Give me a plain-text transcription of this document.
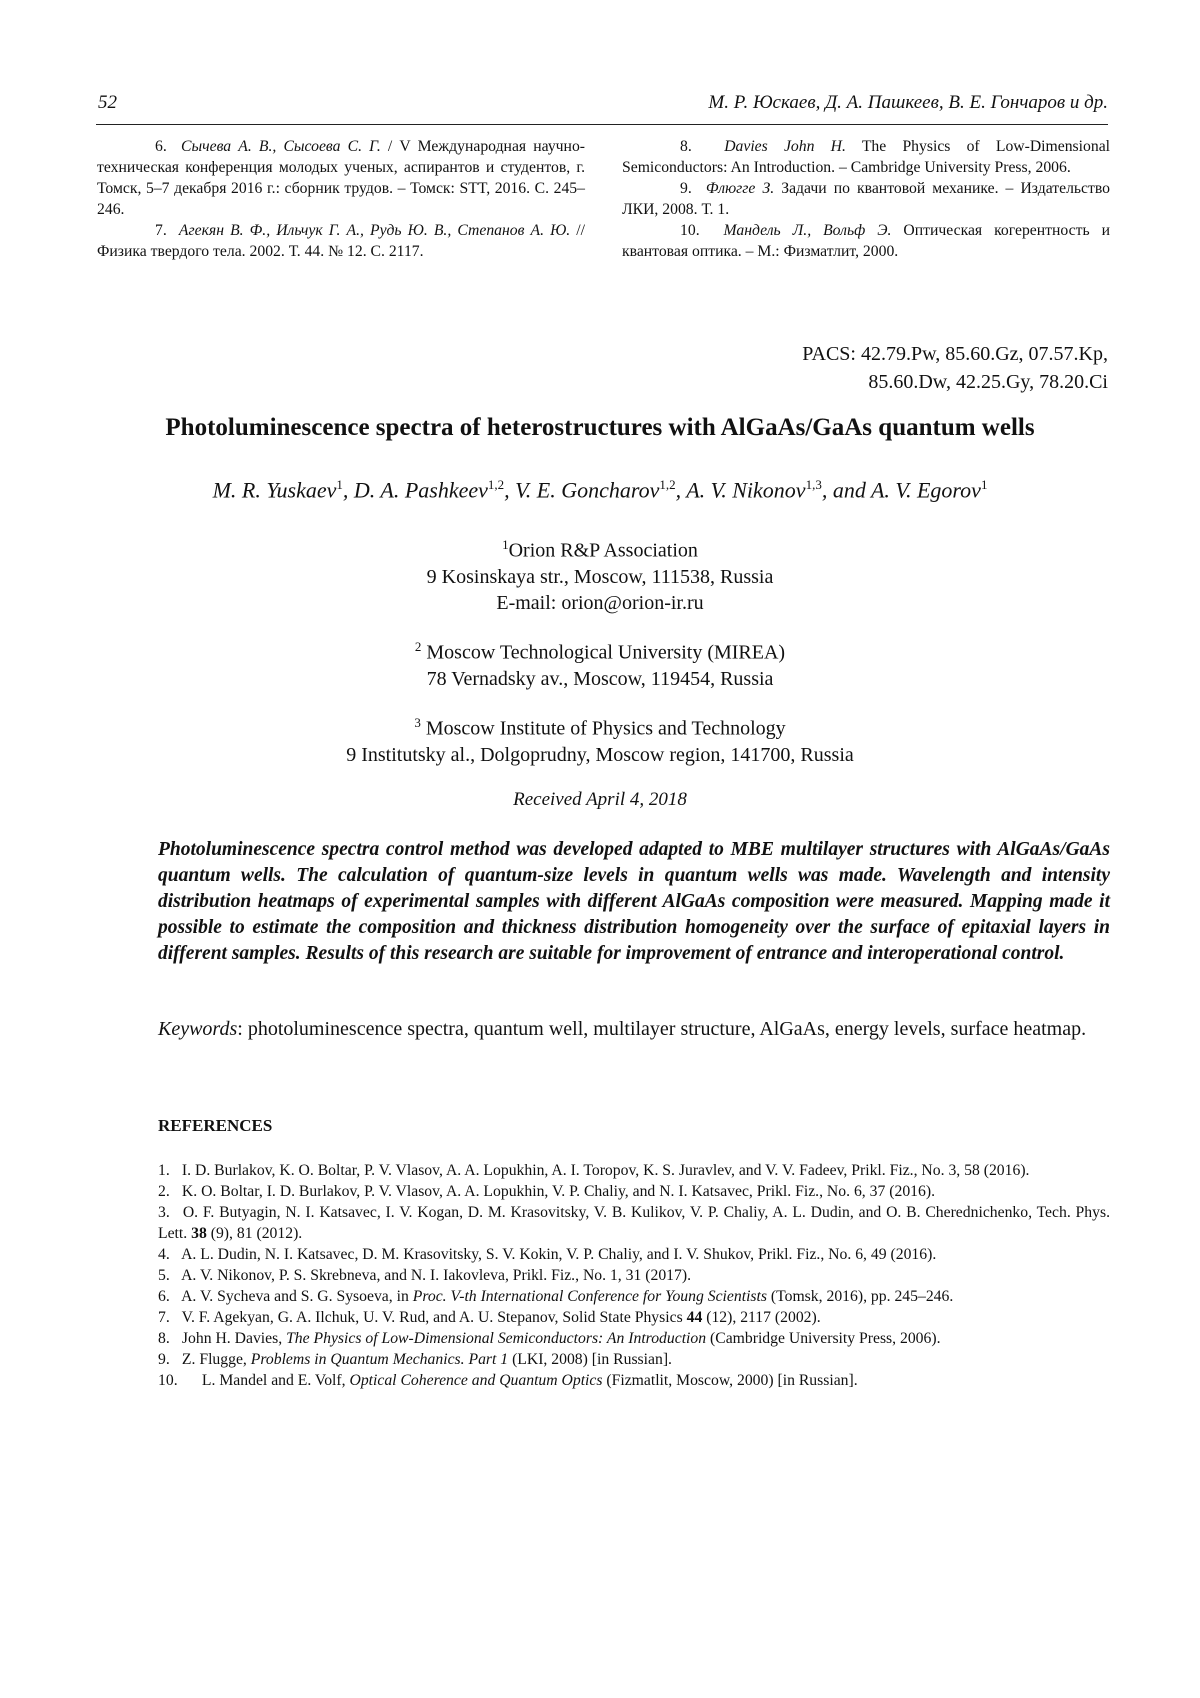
52	М. Р. Юскаев, Д. А. Пашкеев, В. Е. Гончаров и др.

6. Сычева А. В., Сысоева С. Г. / V Международная научно-техническая конференция молодых ученых, аспирантов и студентов, г. Томск, 5–7 декабря 2016 г.: сборник трудов. – Томск: STT, 2016. С. 245–246.

7. Агекян В. Ф., Ильчук Г. А., Рудь Ю. В., Степанов А. Ю. // Физика твердого тела. 2002. Т. 44. № 12. С. 2117.

8. Davies John H. The Physics of Low-Dimensional Semiconductors: An Introduction. – Cambridge University Press, 2006.

9. Флюгге З. Задачи по квантовой механике. – Издательство ЛКИ, 2008. Т. 1.

10. Мандель Л., Вольф Э. Оптическая когерентность и квантовая оптика. – М.: Физматлит, 2000.

PACS: 42.79.Pw, 85.60.Gz, 07.57.Kp,
85.60.Dw, 42.25.Gy, 78.20.Ci
Photoluminescence spectra of heterostructures with AlGaAs/GaAs quantum wells
M. R. Yuskaev$^1$, D. A. Pashkeev$^{1,2}$, V. E. Goncharov$^{1,2}$, A. V. Nikonov$^{1,3}$, and A. V. Egorov$^1$
$^1$Orion R&P Association
9 Kosinskaya str., Moscow, 111538, Russia
E-mail: orion@orion-ir.ru
$^2$ Moscow Technological University (MIREA)
78 Vernadsky av., Moscow, 119454, Russia
$^3$ Moscow Institute of Physics and Technology
9 Institutsky al., Dolgoprudny, Moscow region, 141700, Russia
Received April 4, 2018
Photoluminescence spectra control method was developed adapted to MBE multilayer structures with AlGaAs/GaAs quantum wells. The calculation of quantum-size levels in quantum wells was made. Wavelength and intensity distribution heatmaps of experimental samples with different AlGaAs composition were measured. Mapping made it possible to estimate the composition and thickness distribution homogeneity over the surface of epitaxial layers in different samples. Results of this research are suitable for improvement of entrance and interoperational control.
Keywords: photoluminescence spectra, quantum well, multilayer structure, AlGaAs, energy levels, surface heatmap.
REFERENCES
1. I. D. Burlakov, K. O. Boltar, P. V. Vlasov, A. A. Lopukhin, A. I. Toropov, K. S. Juravlev, and V. V. Fadeev, Prikl. Fiz., No. 3, 58 (2016).
2. K. O. Boltar, I. D. Burlakov, P. V. Vlasov, A. A. Lopukhin, V. P. Chaliy, and N. I. Katsavec, Prikl. Fiz., No. 6, 37 (2016).
3. O. F. Butyagin, N. I. Katsavec, I. V. Kogan, D. M. Krasovitsky, V. B. Kulikov, V. P. Chaliy, A. L. Dudin, and O. B. Cherednichenko, Tech. Phys. Lett. 38 (9), 81 (2012).
4. A. L. Dudin, N. I. Katsavec, D. M. Krasovitsky, S. V. Kokin, V. P. Chaliy, and I. V. Shukov, Prikl. Fiz., No. 6, 49 (2016).
5. A. V. Nikonov, P. S. Skrebneva, and N. I. Iakovleva, Prikl. Fiz., No. 1, 31 (2017).
6. A. V. Sycheva and S. G. Sysoeva, in Proc. V-th International Conference for Young Scientists (Tomsk, 2016), pp. 245–246.
7. V. F. Agekyan, G. A. Ilchuk, U. V. Rud, and A. U. Stepanov, Solid State Physics 44 (12), 2117 (2002).
8. John H. Davies, The Physics of Low-Dimensional Semiconductors: An Introduction (Cambridge University Press, 2006).
9. Z. Flugge, Problems in Quantum Mechanics. Part 1 (LKI, 2008) [in Russian].
10. L. Mandel and E. Volf, Optical Coherence and Quantum Optics (Fizmatlit, Moscow, 2000) [in Russian].
